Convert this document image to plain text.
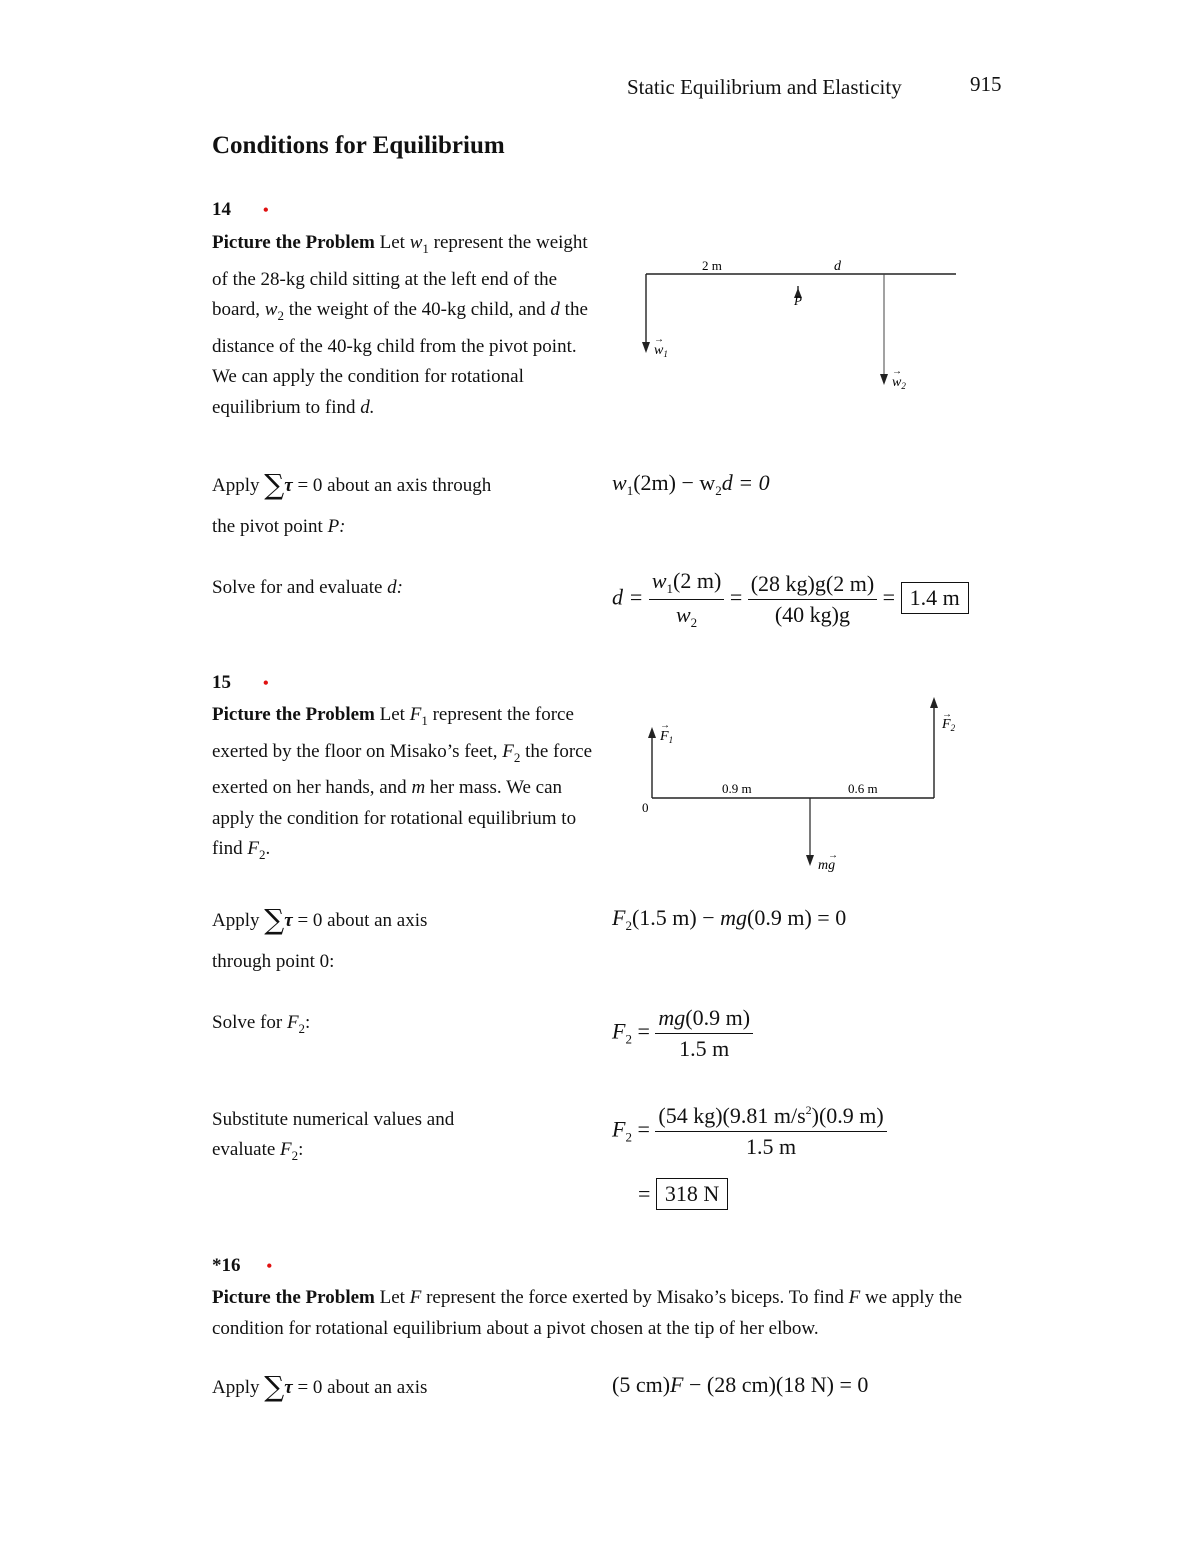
Static Equilibrium and Elasticity	915
Conditions for Equilibrium
14 •
Picture the Problem Let $w_1$ represent the weight of the 28-kg child sitting at the left end of the board, $w_2$ the weight of the 40-kg child, and d the distance of the 40-kg child from the pivot point. We can apply the condition for rotational equilibrium to find d.
2 m	d
P
$w_1$
$w_2$
→
→
Apply ∑τ = 0 about an axis through
the pivot point P:
$w_1(2m) - w_2d = 0$
Solve for and evaluate d:	$d = \frac{w_1(2 m)}{w_2} = \frac{(28 kg)g(2 m)}{(40 kg)g} = 1.4$ m
15 •
Picture the Problem Let $F_1$ represent the force exerted by the floor on Misako’s feet, $F_2$ the force exerted on her hands, and m her mass. We can apply the condition for rotational equilibrium to find $F_2$.
$F_1$
→	$F_2$
→
0
0.9 m	0.6 m
mg
→
Apply ∑τ = 0 about an axis
through point 0:
$F_2(1.5$ m) − mg(0.9 m) = 0
Solve for $F_2$:	$F_2 = \frac{mg(0.9 m)}{1.5 m}$
Substitute numerical values and
evaluate $F_2$:
$F_2 = \frac{(54 kg)(9.81 m/s^2)(0.9 m)}{1.5 m}$
= 318 N
*16 •
Picture the Problem Let F represent the force exerted by Misako’s biceps. To find F we apply the condition for rotational equilibrium about a pivot chosen at the tip of her elbow.
Apply ∑τ = 0 about an axis	(5 cm)F − (28 cm)(18 N) = 0
